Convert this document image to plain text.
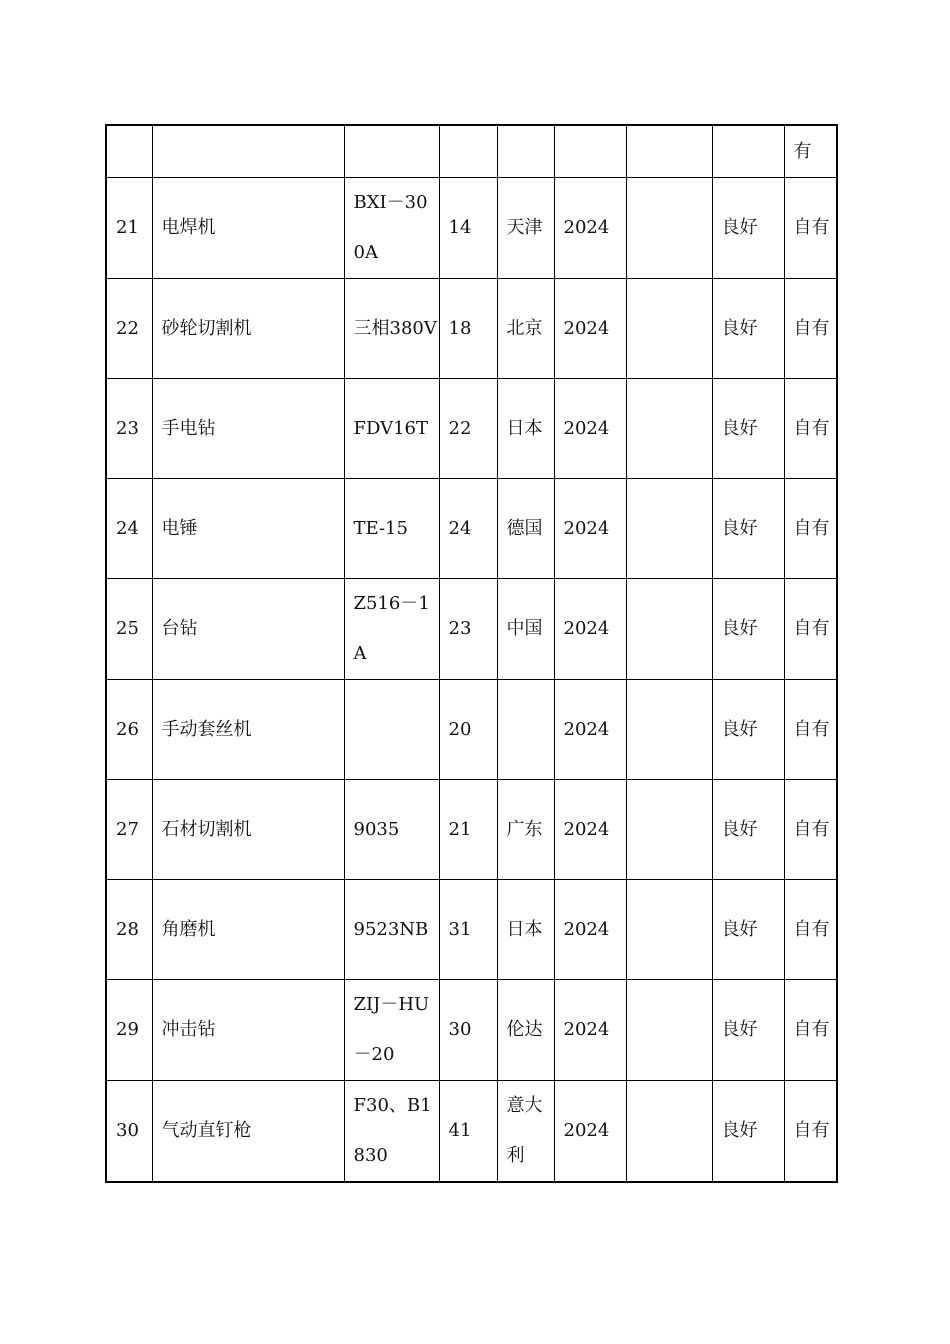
								有
21	电焊机	BXI－300A	14	天津	2024		良好	自有
22	砂轮切割机	三相380V	18	北京	2024		良好	自有
23	手电钻	FDV16T	22	日本	2024		良好	自有
24	电锤	TE-15	24	德国	2024		良好	自有
25	台钻	Z516－1A	23	中国	2024		良好	自有
26	手动套丝机		20		2024		良好	自有
27	石材切割机	9035	21	广东	2024		良好	自有
28	角磨机	9523NB	31	日本	2024		良好	自有
29	冲击钻	ZIJ－HU－20	30	伦达	2024		良好	自有
30	气动直钉枪	F30、B1830	41	意大利	2024		良好	自有
